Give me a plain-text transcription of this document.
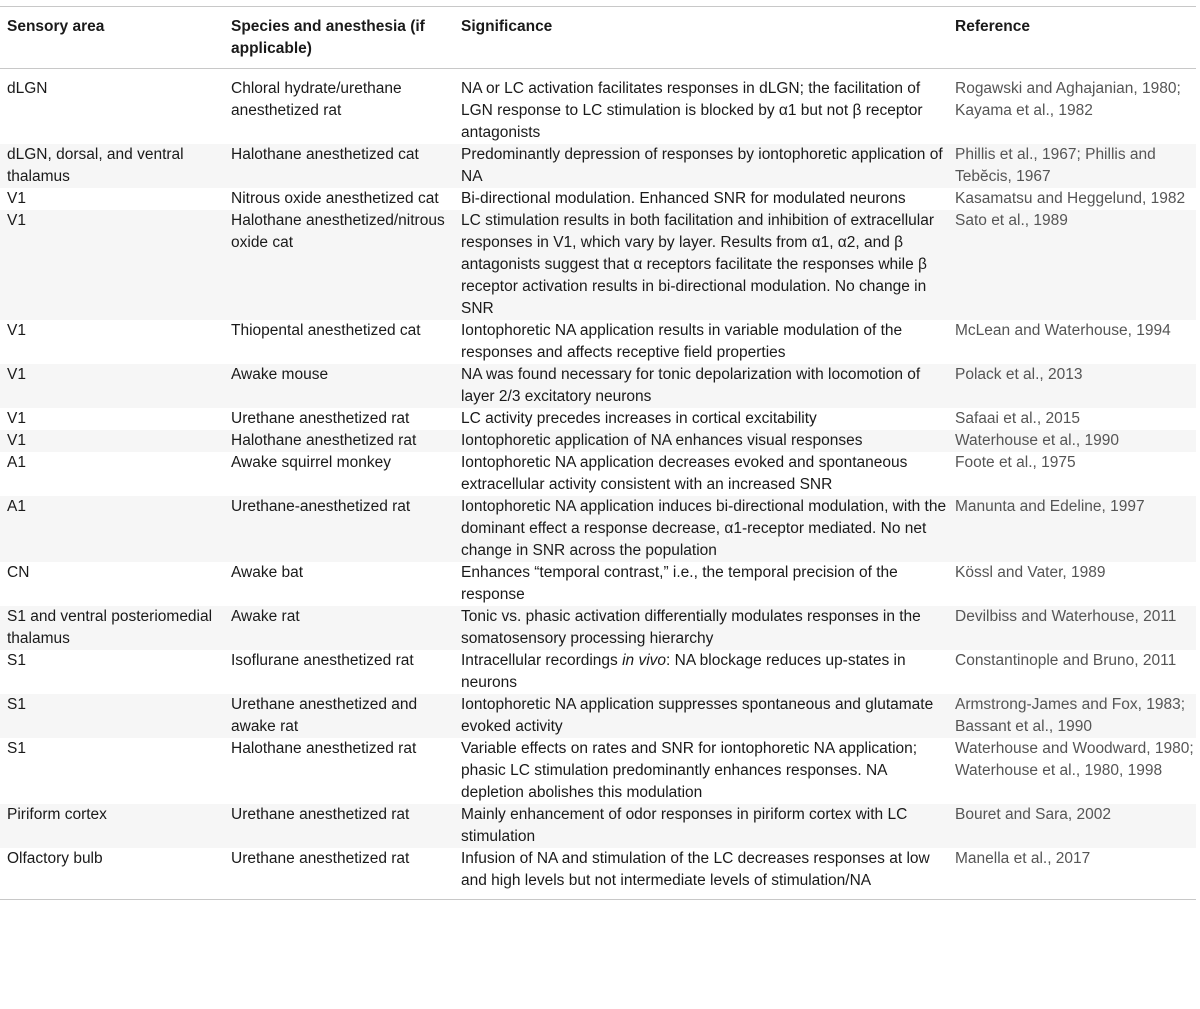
Sensory area	Species and anesthesia (if applicable)	Significance	Reference
dLGN	Chloral hydrate/urethane anesthetized rat	NA or LC activation facilitates responses in dLGN; the facilitation of LGN response to LC stimulation is blocked by α1 but not β receptor antagonists	Rogawski and Aghajanian, 1980; Kayama et al., 1982
dLGN, dorsal, and ventral thalamus	Halothane anesthetized cat	Predominantly depression of responses by iontophoretic application of NA	Phillis et al., 1967; Phillis and Tebĕcis, 1967
V1	Nitrous oxide anesthetized cat	Bi-directional modulation. Enhanced SNR for modulated neurons	Kasamatsu and Heggelund, 1982
V1	Halothane anesthetized/nitrous oxide cat	LC stimulation results in both facilitation and inhibition of extracellular responses in V1, which vary by layer. Results from α1, α2, and β antagonists suggest that α receptors facilitate the responses while β receptor activation results in bi-directional modulation. No change in SNR	Sato et al., 1989
V1	Thiopental anesthetized cat	Iontophoretic NA application results in variable modulation of the responses and affects receptive field properties	McLean and Waterhouse, 1994
V1	Awake mouse	NA was found necessary for tonic depolarization with locomotion of layer 2/3 excitatory neurons	Polack et al., 2013
V1	Urethane anesthetized rat	LC activity precedes increases in cortical excitability	Safaai et al., 2015
V1	Halothane anesthetized rat	Iontophoretic application of NA enhances visual responses	Waterhouse et al., 1990
A1	Awake squirrel monkey	Iontophoretic NA application decreases evoked and spontaneous extracellular activity consistent with an increased SNR	Foote et al., 1975
A1	Urethane-anesthetized rat	Iontophoretic NA application induces bi-directional modulation, with the dominant effect a response decrease, α1-receptor mediated. No net change in SNR across the population	Manunta and Edeline, 1997
CN	Awake bat	Enhances “temporal contrast,” i.e., the temporal precision of the response	Kössl and Vater, 1989
S1 and ventral posteriomedial thalamus	Awake rat	Tonic vs. phasic activation differentially modulates responses in the somatosensory processing hierarchy	Devilbiss and Waterhouse, 2011
S1	Isoflurane anesthetized rat	Intracellular recordings in vivo: NA blockage reduces up-states in neurons	Constantinople and Bruno, 2011
S1	Urethane anesthetized and awake rat	Iontophoretic NA application suppresses spontaneous and glutamate evoked activity	Armstrong-James and Fox, 1983; Bassant et al., 1990
S1	Halothane anesthetized rat	Variable effects on rates and SNR for iontophoretic NA application; phasic LC stimulation predominantly enhances responses. NA depletion abolishes this modulation	Waterhouse and Woodward, 1980; Waterhouse et al., 1980, 1998
Piriform cortex	Urethane anesthetized rat	Mainly enhancement of odor responses in piriform cortex with LC stimulation	Bouret and Sara, 2002
Olfactory bulb	Urethane anesthetized rat	Infusion of NA and stimulation of the LC decreases responses at low and high levels but not intermediate levels of stimulation/NA	Manella et al., 2017
